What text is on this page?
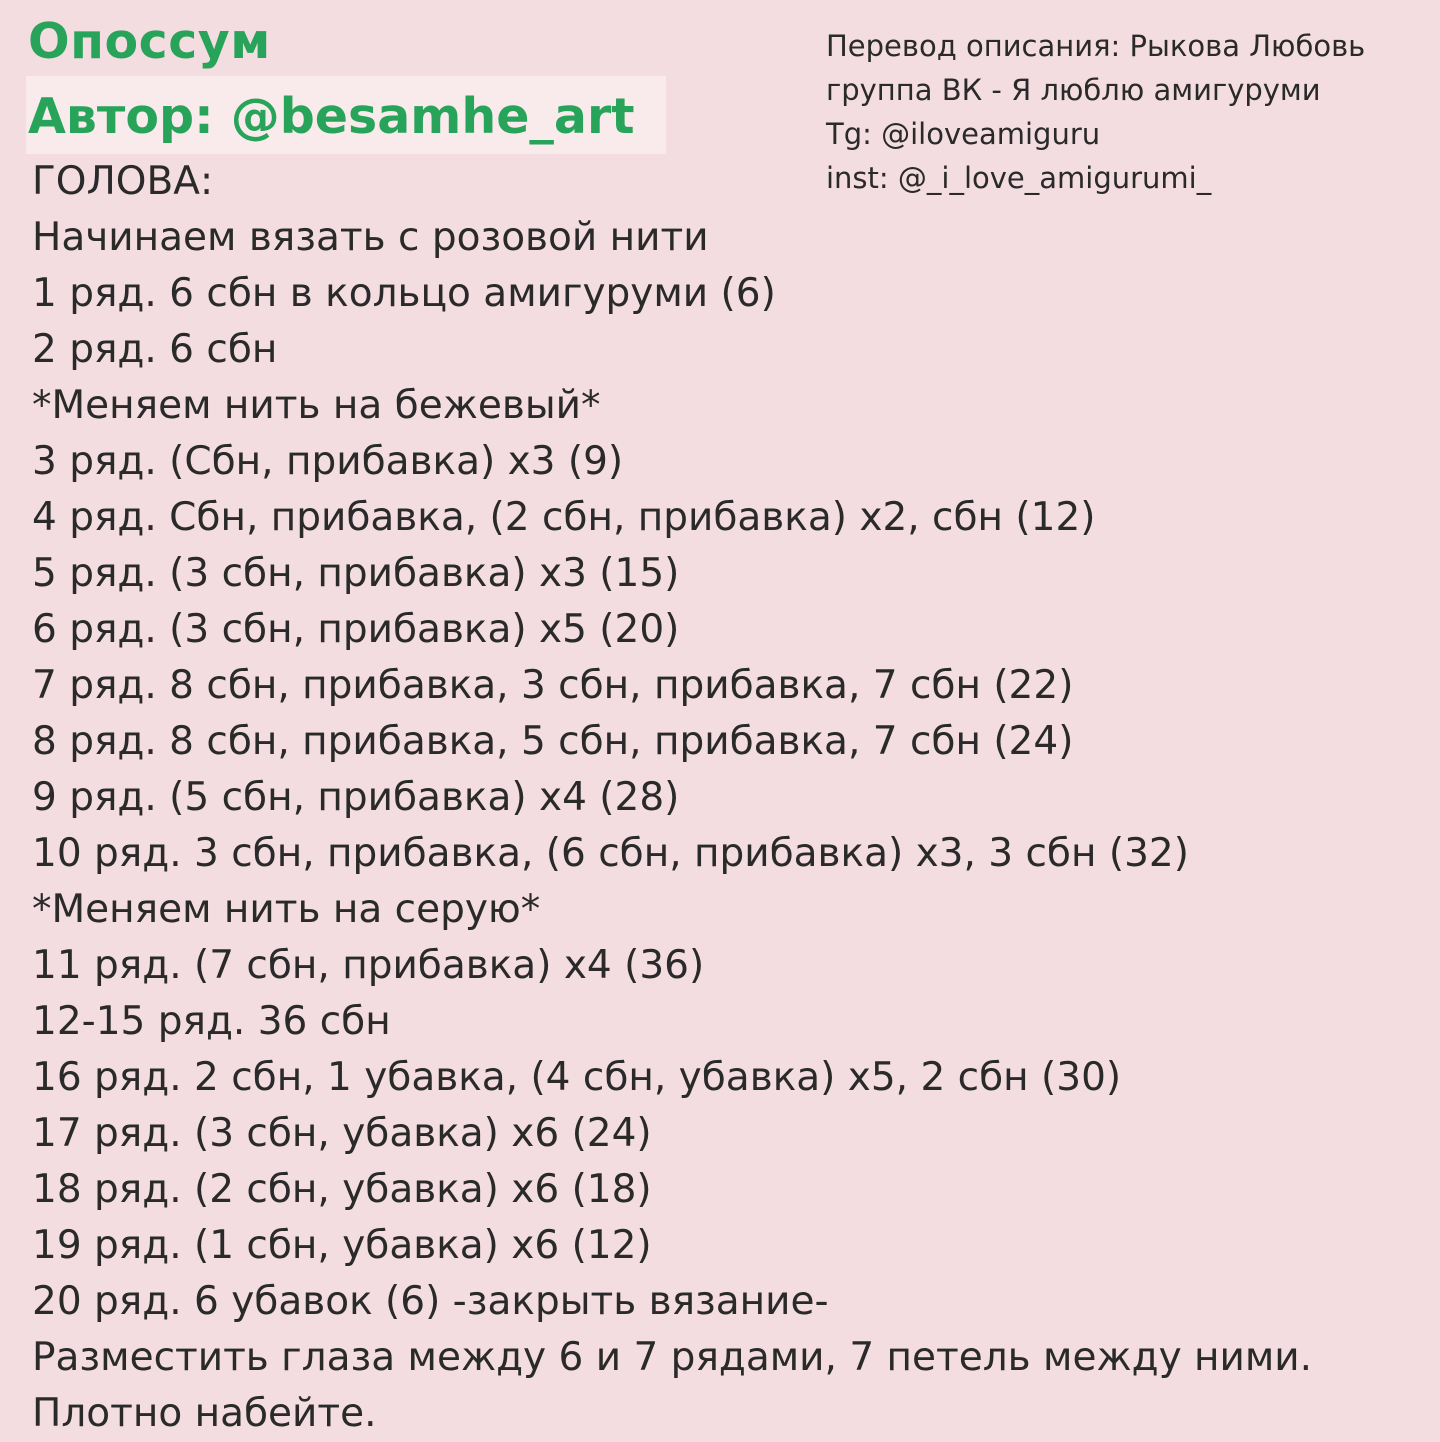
Опоссум
Автор: @besamhe_art
Перевод описания: Рыкова Любовь
группа ВК - Я люблю амигуруми
Tg: @iloveamiguru
inst: @_i_love_amigurumi_
ГОЛОВА:
Начинаем вязать с розовой нити
1 ряд. 6 сбн в кольцо амигуруми (6)
2 ряд. 6 сбн
*Меняем нить на бежевый*
3 ряд. (Сбн, прибавка) х3 (9)
4 ряд. Сбн, прибавка, (2 сбн, прибавка) х2, сбн (12)
5 ряд. (3 сбн, прибавка) х3 (15)
6 ряд. (3 сбн, прибавка) х5 (20)
7 ряд. 8 сбн, прибавка, 3 сбн, прибавка, 7 сбн (22)
8 ряд. 8 сбн, прибавка, 5 сбн, прибавка, 7 сбн (24)
9 ряд. (5 сбн, прибавка) х4 (28)
10 ряд. 3 сбн, прибавка, (6 сбн, прибавка) х3, 3 сбн (32)
*Меняем нить на серую*
11 ряд. (7 сбн, прибавка) х4 (36)
12-15 ряд. 36 сбн
16 ряд. 2 сбн, 1 убавка, (4 сбн, убавка) х5, 2 сбн (30)
17 ряд. (3 сбн, убавка) х6 (24)
18 ряд. (2 сбн, убавка) х6 (18)
19 ряд. (1 сбн, убавка) х6 (12)
20 ряд. 6 убавок (6) -закрыть вязание-
Разместить глаза между 6 и 7 рядами, 7 петель между ними.
Плотно набейте.
